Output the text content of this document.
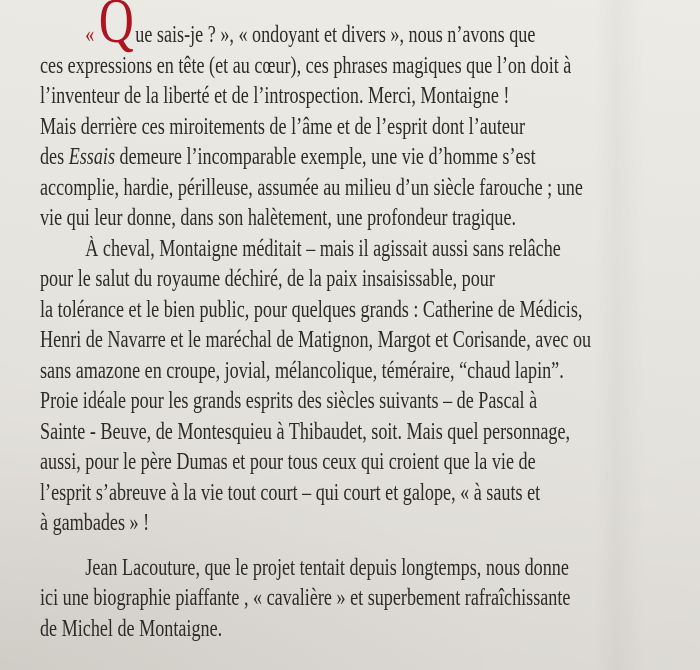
« Que sais-je ? », « ondoyant et divers », nous n’avons que
ces expressions en tête (et au cœur), ces phrases magiques que l’on doit à
l’inventeur de la liberté et de l’introspection. Merci, Montaigne !
Mais derrière ces miroitements de l’âme et de l’esprit dont l’auteur
des Essais demeure l’incomparable exemple, une vie d’homme s’est
accomplie, hardie, périlleuse, assumée au milieu d’un siècle farouche ; une
vie qui leur donne, dans son halètement, une profondeur tragique.
À cheval, Montaigne méditait – mais il agissait aussi sans relâche
pour le salut du royaume déchiré, de la paix insaisissable, pour
la tolérance et le bien public, pour quelques grands : Catherine de Médicis,
Henri de Navarre et le maréchal de Matignon, Margot et Corisande, avec ou
sans amazone en croupe, jovial, mélancolique, téméraire, “chaud lapin”.
Proie idéale pour les grands esprits des siècles suivants – de Pascal à
Sainte - Beuve, de Montesquieu à Thibaudet, soit. Mais quel personnage,
aussi, pour le père Dumas et pour tous ceux qui croient que la vie de
l’esprit s’abreuve à la vie tout court – qui court et galope, « à sauts et
à gambades » !
Jean Lacouture, que le projet tentait depuis longtemps, nous donne
ici une biographie piaffante , « cavalière » et superbement rafraîchissante
de Michel de Montaigne.
